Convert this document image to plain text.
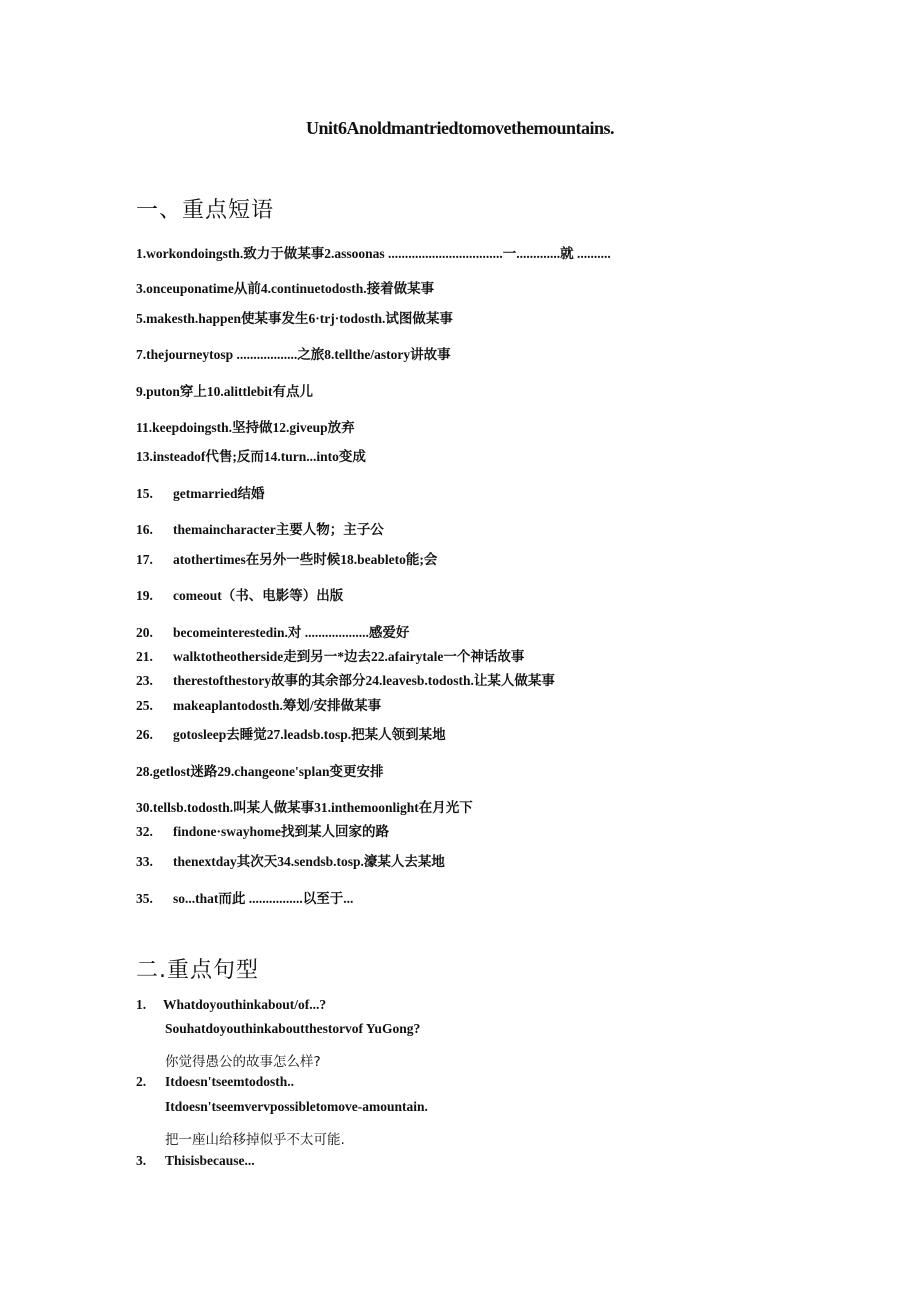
Unit6Anoldmantriedtomovethemountains.
一、重点短语
1.workondoingsth.致力于做某事2.assoonas ..................................一.............就 ..........
3.onceuponatime从前4.continuetodosth.接着做某事
5.makesth.happen使某事发生6·trj·todosth.试图做某事
7.thejourneytosp ..................之旅8.tellthe/astory讲故事
9.puton穿上10.alittlebit有点儿
11.keepdoingsth.坚持做12.giveup放弃
13.insteadof代售;反而14.turn...into变成
15. getmarried结婚
16. themaincharacter主要人物；主子公
17. atothertimes在另外一些时候18.beableto能;会
19. comeout（书、电影等）出版
20. becomeinterestedin.对 ...................感爱好
21. walktotheotherside走到另一*边去22.afairytale一个神话故事
23. therestofthestory故事的其余部分24.leavesb.todosth.让某人做某事
25. makeaplantodosth.筹划/安排做某事
26. gotosleep去睡觉27.leadsb.tosp.把某人领到某地
28.getlost迷路29.changeone'splan变更安排
30.tellsb.todosth.叫某人做某事31.inthemoonlight在月光下
32. findone·swayhome找到某人回家的路
33. thenextday其次天34.sendsb.tosp.濠某人去某地
35. so...that而此 ................以至于...
二.重点句型
1. Whatdoyouthinkabout/of...?
Souhatdoyouthinkaboutthestorvof YuGong?
你觉得愚公的故事怎么样?
2. Itdoesn'tseemtodosth..
Itdoesn'tseemvervpossibletomove-amountain.
把一座山给移掉似乎不太可能.
3. Thisisbecause...
